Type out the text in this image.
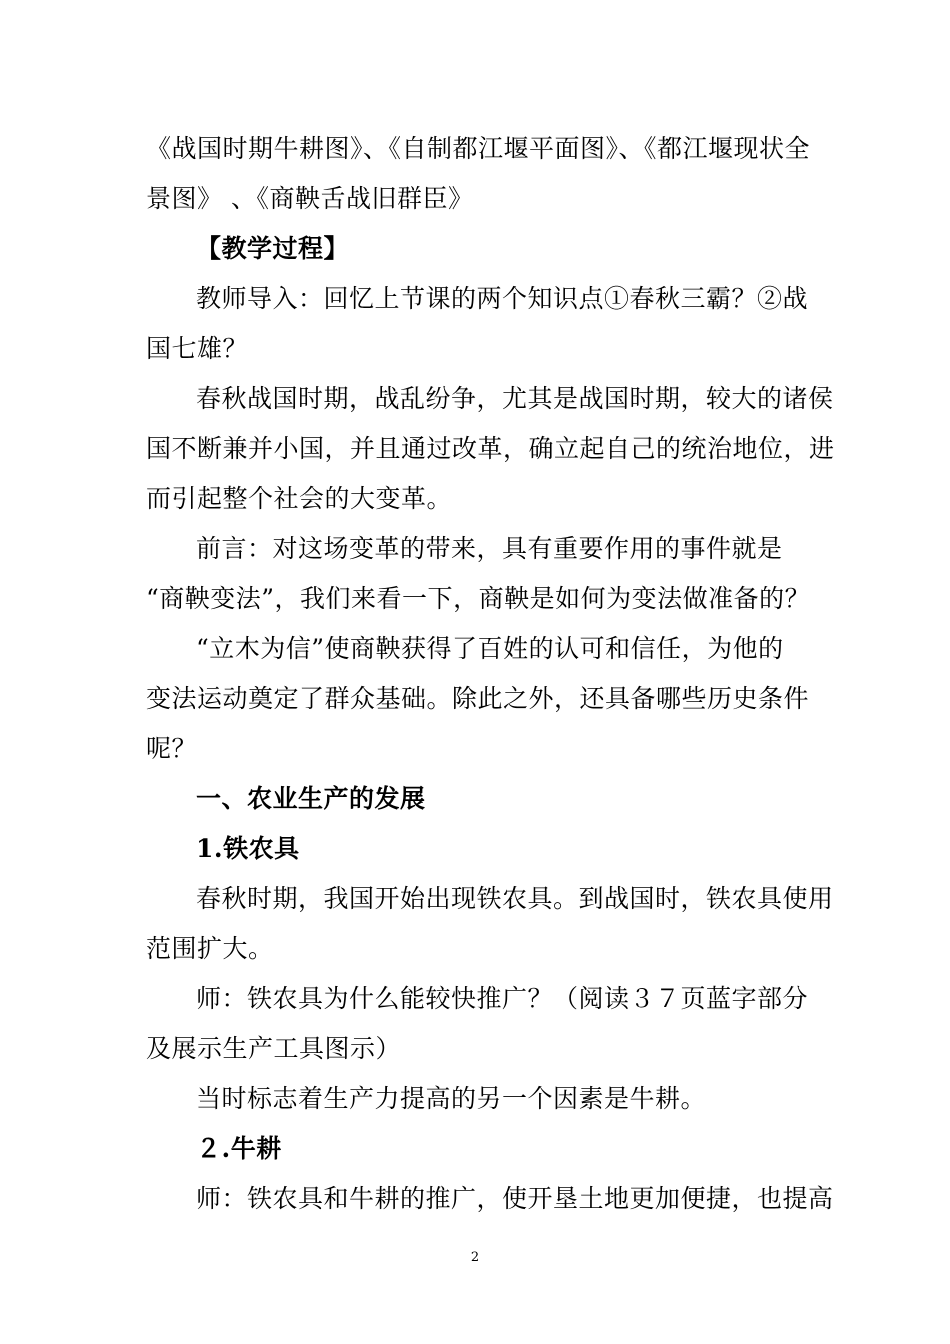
《战国时期牛耕图》、《自制都江堰平面图》、《都江堰现状全
景图》 、《商鞅舌战旧群臣》
【教学过程】
教师导入：回忆上节课的两个知识点①春秋三霸？②战
国七雄？
春秋战国时期，战乱纷争，尤其是战国时期，较大的诸侯
国不断兼并小国，并且通过改革，确立起自己的统治地位，进
而引起整个社会的大变革。
前言：对这场变革的带来，具有重要作用的事件就是
“商鞅变法”，我们来看一下，商鞅是如何为变法做准备的？
“立木为信”使商鞅获得了百姓的认可和信任，为他的
变法运动奠定了群众基础。除此之外，还具备哪些历史条件
呢？
一、农业生产的发展
1.铁农具
春秋时期，我国开始出现铁农具。到战国时，铁农具使用
范围扩大。
师：铁农具为什么能较快推广？（阅读３７页蓝字部分
及展示生产工具图示）
当时标志着生产力提高的另一个因素是牛耕。
２.牛耕
师：铁农具和牛耕的推广，使开垦土地更加便捷，也提高
2
